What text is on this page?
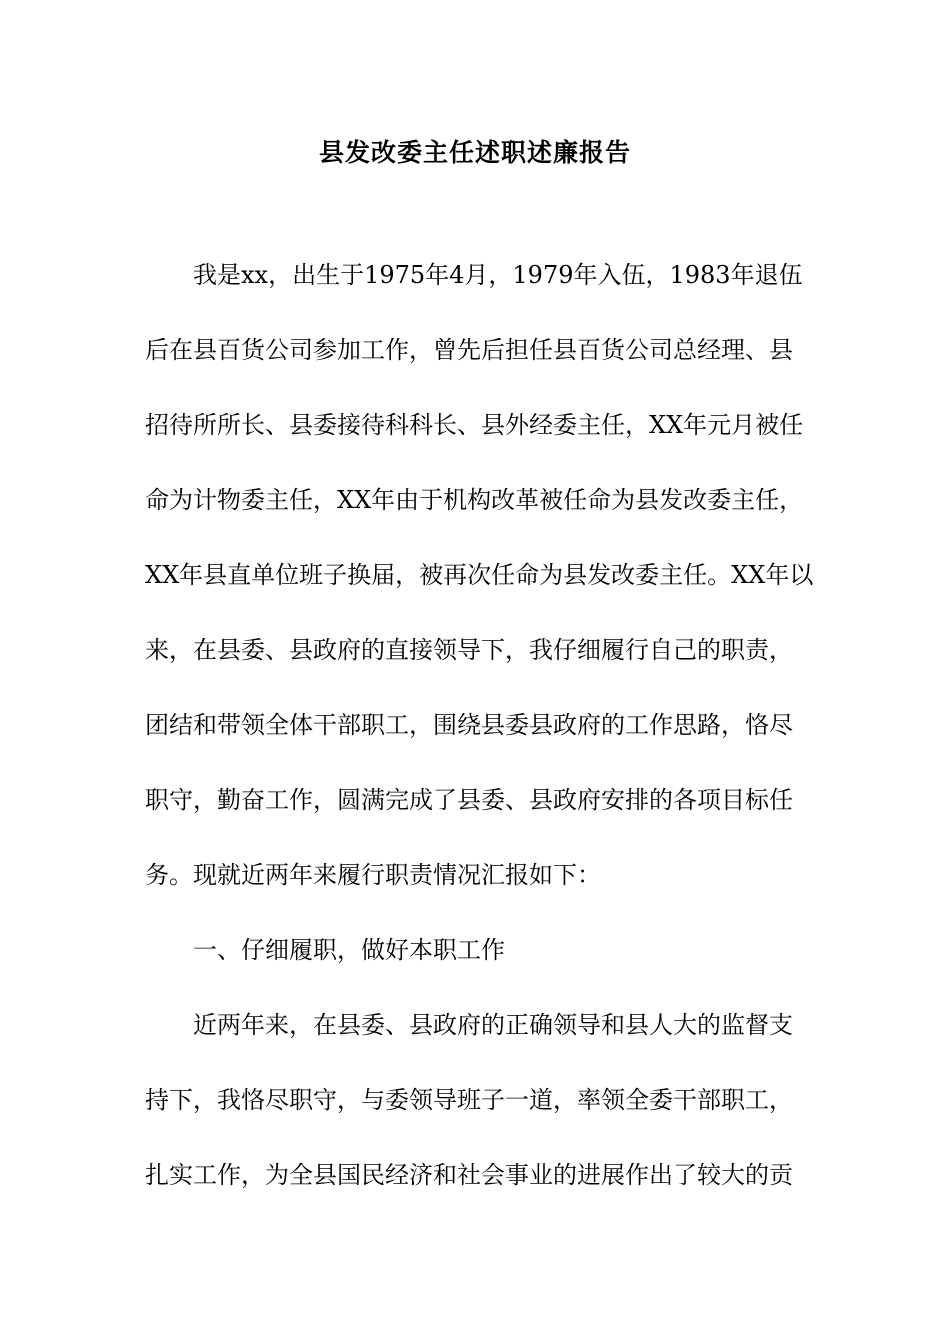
县发改委主任述职述廉报告
我是xx，出生于1975年4月，1979年入伍，1983年退伍
后在县百货公司参加工作，曾先后担任县百货公司总经理、县
招待所所长、县委接待科科长、县外经委主任，XX年元月被任
命为计物委主任，XX年由于机构改革被任命为县发改委主任，
XX年县直单位班子换届，被再次任命为县发改委主任。XX年以
来，在县委、县政府的直接领导下，我仔细履行自己的职责，
团结和带领全体干部职工，围绕县委县政府的工作思路，恪尽
职守，勤奋工作，圆满完成了县委、县政府安排的各项目标任
务。现就近两年来履行职责情况汇报如下：
一、仔细履职，做好本职工作
近两年来，在县委、县政府的正确领导和县人大的监督支
持下，我恪尽职守，与委领导班子一道，率领全委干部职工，
扎实工作，为全县国民经济和社会事业的进展作出了较大的贡
